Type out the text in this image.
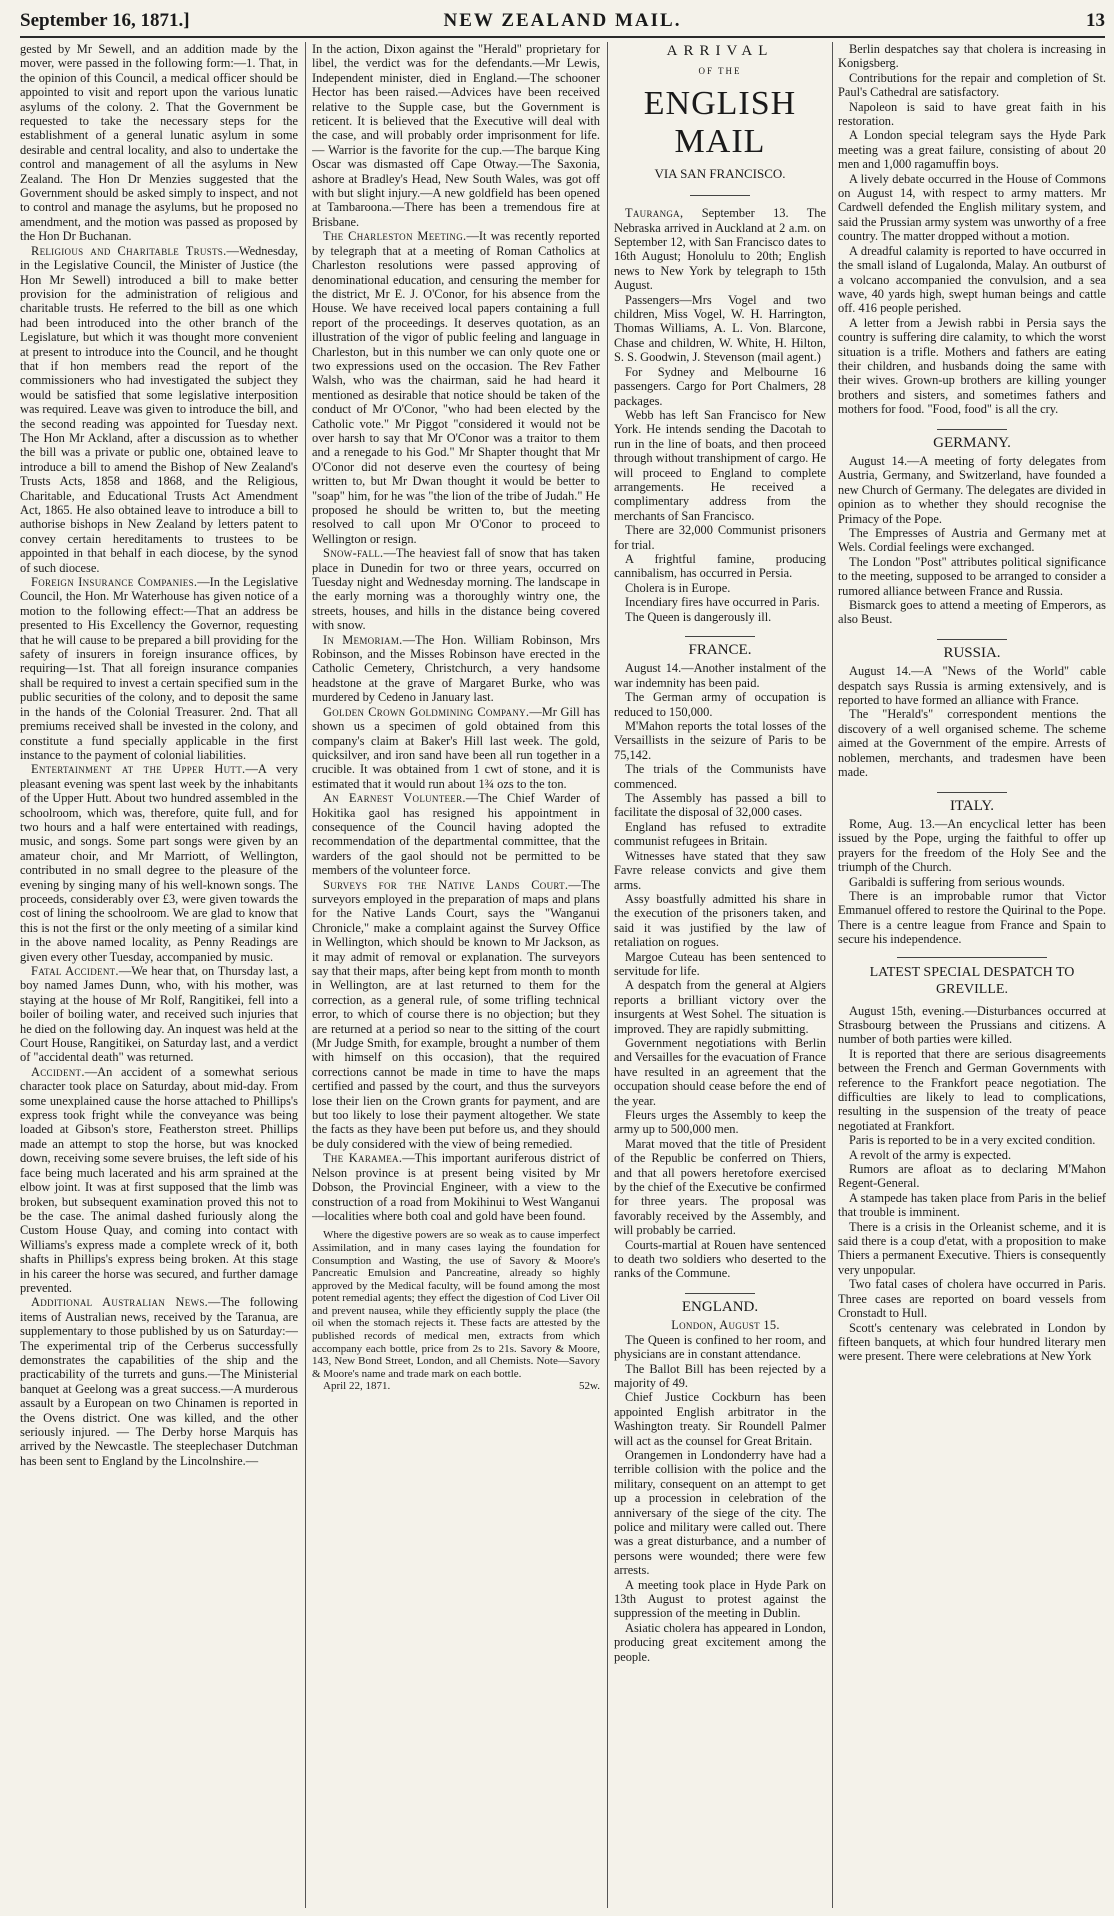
September 16, 1871.]	NEW ZEALAND MAIL.	13

gested by Mr Sewell, and an addition made by the mover, were passed in the following form:—1. That, in the opinion of this Council, a medical officer should be appointed to visit and report upon the various lunatic asylums of the colony. 2. That the Government be requested to take the necessary steps for the establishment of a general lunatic asylum in some desirable and central locality, and also to undertake the control and management of all the asylums in New Zealand. The Hon Dr Menzies suggested that the Government should be asked simply to inspect, and not to control and manage the asylums, but he proposed no amendment, and the motion was passed as proposed by the Hon Dr Buchanan.

Religious and Charitable Trusts.—Wednesday, in the Legislative Council, the Minister of Justice (the Hon Mr Sewell) introduced a bill to make better provision for the administration of religious and charitable trusts. He referred to the bill as one which had been introduced into the other branch of the Legislature, but which it was thought more convenient at present to introduce into the Council, and he thought that if hon members read the report of the commissioners who had investigated the subject they would be satisfied that some legislative interposition was required. Leave was given to introduce the bill, and the second reading was appointed for Tuesday next. The Hon Mr Ackland, after a discussion as to whether the bill was a private or public one, obtained leave to introduce a bill to amend the Bishop of New Zealand's Trusts Acts, 1858 and 1868, and the Religious, Charitable, and Educational Trusts Act Amendment Act, 1865. He also obtained leave to introduce a bill to authorise bishops in New Zealand by letters patent to convey certain hereditaments to trustees to be appointed in that behalf in each diocese, by the synod of such diocese.

Foreign Insurance Companies.—In the Legislative Council, the Hon. Mr Waterhouse has given notice of a motion to the following effect:—That an address be presented to His Excellency the Governor, requesting that he will cause to be prepared a bill providing for the safety of insurers in foreign insurance offices, by requiring—1st. That all foreign insurance companies shall be required to invest a certain specified sum in the public securities of the colony, and to deposit the same in the hands of the Colonial Treasurer. 2nd. That all premiums received shall be invested in the colony, and constitute a fund specially applicable in the first instance to the payment of colonial liabilities.

Entertainment at the Upper Hutt.—A very pleasant evening was spent last week by the inhabitants of the Upper Hutt. About two hundred assembled in the schoolroom, which was, therefore, quite full, and for two hours and a half were entertained with readings, music, and songs. Some part songs were given by an amateur choir, and Mr Marriott, of Wellington, contributed in no small degree to the pleasure of the evening by singing many of his well-known songs. The proceeds, considerably over £3, were given towards the cost of lining the schoolroom. We are glad to know that this is not the first or the only meeting of a similar kind in the above named locality, as Penny Readings are given every other Tuesday, accompanied by music.

Fatal Accident.—We hear that, on Thursday last, a boy named James Dunn, who, with his mother, was staying at the house of Mr Rolf, Rangitikei, fell into a boiler of boiling water, and received such injuries that he died on the following day. An inquest was held at the Court House, Rangitikei, on Saturday last, and a verdict of "accidental death" was returned.

Accident.—An accident of a somewhat serious character took place on Saturday, about mid-day. From some unexplained cause the horse attached to Phillips's express took fright while the conveyance was being loaded at Gibson's store, Featherston street. Phillips made an attempt to stop the horse, but was knocked down, receiving some severe bruises, the left side of his face being much lacerated and his arm sprained at the elbow joint. It was at first supposed that the limb was broken, but subsequent examination proved this not to be the case. The animal dashed furiously along the Custom House Quay, and coming into contact with Williams's express made a complete wreck of it, both shafts in Phillips's express being broken. At this stage in his career the horse was secured, and further damage prevented.

Additional Australian News.—The following items of Australian news, received by the Taranua, are supplementary to those published by us on Saturday:—The experimental trip of the Cerberus successfully demonstrates the capabilities of the ship and the practicability of the turrets and guns.—The Ministerial banquet at Geelong was a great success.—A murderous assault by a European on two Chinamen is reported in the Ovens district. One was killed, and the other seriously injured. — The Derby horse Marquis has arrived by the Newcastle. The steeplechaser Dutchman has been sent to England by the Lincolnshire.—

In the action, Dixon against the "Herald" proprietary for libel, the verdict was for the defendants.—Mr Lewis, Independent minister, died in England.—The schooner Hector has been raised.—Advices have been received relative to the Supple case, but the Government is reticent. It is believed that the Executive will deal with the case, and will probably order imprisonment for life. — Warrior is the favorite for the cup.—The barque King Oscar was dismasted off Cape Otway.—The Saxonia, ashore at Bradley's Head, New South Wales, was got off with but slight injury.—A new goldfield has been opened at Tambaroona.—There has been a tremendous fire at Brisbane.

The Charleston Meeting.—It was recently reported by telegraph that at a meeting of Roman Catholics at Charleston resolutions were passed approving of denominational education, and censuring the member for the district, Mr E. J. O'Conor, for his absence from the House. We have received local papers containing a full report of the proceedings. It deserves quotation, as an illustration of the vigor of public feeling and language in Charleston, but in this number we can only quote one or two expressions used on the occasion. The Rev Father Walsh, who was the chairman, said he had heard it mentioned as desirable that notice should be taken of the conduct of Mr O'Conor, "who had been elected by the Catholic vote." Mr Piggot "considered it would not be over harsh to say that Mr O'Conor was a traitor to them and a renegade to his God." Mr Shapter thought that Mr O'Conor did not deserve even the courtesy of being written to, but Mr Dwan thought it would be better to "soap" him, for he was "the lion of the tribe of Judah." He proposed he should be written to, but the meeting resolved to call upon Mr O'Conor to proceed to Wellington or resign.

Snow-fall.—The heaviest fall of snow that has taken place in Dunedin for two or three years, occurred on Tuesday night and Wednesday morning. The landscape in the early morning was a thoroughly wintry one, the streets, houses, and hills in the distance being covered with snow.

In Memoriam.—The Hon. William Robinson, Mrs Robinson, and the Misses Robinson have erected in the Catholic Cemetery, Christchurch, a very handsome headstone at the grave of Margaret Burke, who was murdered by Cedeno in January last.

Golden Crown Goldmining Company.—Mr Gill has shown us a specimen of gold obtained from this company's claim at Baker's Hill last week. The gold, quicksilver, and iron sand have been all run together in a crucible. It was obtained from 1 cwt of stone, and it is estimated that it would run about 1¾ ozs to the ton.

An Earnest Volunteer.—The Chief Warder of Hokitika gaol has resigned his appointment in consequence of the Council having adopted the recommendation of the departmental committee, that the warders of the gaol should not be permitted to be members of the volunteer force.

Surveys for the Native Lands Court.—The surveyors employed in the preparation of maps and plans for the Native Lands Court, says the "Wanganui Chronicle," make a complaint against the Survey Office in Wellington, which should be known to Mr Jackson, as it may admit of removal or explanation. The surveyors say that their maps, after being kept from month to month in Wellington, are at last returned to them for the correction, as a general rule, of some trifling technical error, to which of course there is no objection; but they are returned at a period so near to the sitting of the court (Mr Judge Smith, for example, brought a number of them with himself on this occasion), that the required corrections cannot be made in time to have the maps certified and passed by the court, and thus the surveyors lose their lien on the Crown grants for payment, and are but too likely to lose their payment altogether. We state the facts as they have been put before us, and they should be duly considered with the view of being remedied.

The Karamea.—This important auriferous district of Nelson province is at present being visited by Mr Dobson, the Provincial Engineer, with a view to the construction of a road from Mokihinui to West Wanganui—localities where both coal and gold have been found.

Where the digestive powers are so weak as to cause imperfect Assimilation, and in many cases laying the foundation for Consumption and Wasting, the use of Savory & Moore's Pancreatic Emulsion and Pancreatine, already so highly approved by the Medical faculty, will be found among the most potent remedial agents; they effect the digestion of Cod Liver Oil and prevent nausea, while they efficiently supply the place (the oil when the stomach rejects it. These facts are attested by the published records of medical men, extracts from which accompany each bottle, price from 2s to 21s. Savory & Moore, 143, New Bond Street, London, and all Chemists. Note—Savory & Moore's name and trade mark on each bottle.

April 22, 1871.	52w.

ARRIVAL
OF THE
ENGLISH MAIL
VIA SAN FRANCISCO.

Tauranga, September 13. The Nebraska arrived in Auckland at 2 a.m. on September 12, with San Francisco dates to 16th August; Honolulu to 20th; English news to New York by telegraph to 15th August.

Passengers—Mrs Vogel and two children, Miss Vogel, W. H. Harrington, Thomas Williams, A. L. Von. Blarcone, Chase and children, W. White, H. Hilton, S. S. Goodwin, J. Stevenson (mail agent.)

For Sydney and Melbourne 16 passengers. Cargo for Port Chalmers, 28 packages.

Webb has left San Francisco for New York. He intends sending the Dacotah to run in the line of boats, and then proceed through without transhipment of cargo. He will proceed to England to complete arrangements. He received a complimentary address from the merchants of San Francisco.

There are 32,000 Communist prisoners for trial.

A frightful famine, producing cannibalism, has occurred in Persia.

Cholera is in Europe.

Incendiary fires have occurred in Paris.

The Queen is dangerously ill.

FRANCE.

August 14.—Another instalment of the war indemnity has been paid.

The German army of occupation is reduced to 150,000.

M'Mahon reports the total losses of the Versaillists in the seizure of Paris to be 75,142.

The trials of the Communists have commenced.

The Assembly has passed a bill to facilitate the disposal of 32,000 cases.

England has refused to extradite communist refugees in Britain.

Witnesses have stated that they saw Favre release convicts and give them arms.

Assy boastfully admitted his share in the execution of the prisoners taken, and said it was justified by the law of retaliation on rogues.

Margoe Cuteau has been sentenced to servitude for life.

A despatch from the general at Algiers reports a brilliant victory over the insurgents at West Sohel. The situation is improved. They are rapidly submitting.

Government negotiations with Berlin and Versailles for the evacuation of France have resulted in an agreement that the occupation should cease before the end of the year.

Fleurs urges the Assembly to keep the army up to 500,000 men.

Marat moved that the title of President of the Republic be conferred on Thiers, and that all powers heretofore exercised by the chief of the Executive be confirmed for three years. The proposal was favorably received by the Assembly, and will probably be carried.

Courts-martial at Rouen have sentenced to death two soldiers who deserted to the ranks of the Commune.

ENGLAND.

London, August 15.

The Queen is confined to her room, and physicians are in constant attendance.

The Ballot Bill has been rejected by a majority of 49.

Chief Justice Cockburn has been appointed English arbitrator in the Washington treaty. Sir Roundell Palmer will act as the counsel for Great Britain.

Orangemen in Londonderry have had a terrible collision with the police and the military, consequent on an attempt to get up a procession in celebration of the anniversary of the siege of the city. The police and military were called out. There was a great disturbance, and a number of persons were wounded; there were few arrests.

A meeting took place in Hyde Park on 13th August to protest against the suppression of the meeting in Dublin.

Asiatic cholera has appeared in London, producing great excitement among the people.

Berlin despatches say that cholera is increasing in Konigsberg.

Contributions for the repair and completion of St. Paul's Cathedral are satisfactory.

Napoleon is said to have great faith in his restoration.

A London special telegram says the Hyde Park meeting was a great failure, consisting of about 20 men and 1,000 ragamuffin boys.

A lively debate occurred in the House of Commons on August 14, with respect to army matters. Mr Cardwell defended the English military system, and said the Prussian army system was unworthy of a free country. The matter dropped without a motion.

A dreadful calamity is reported to have occurred in the small island of Lugalonda, Malay. An outburst of a volcano accompanied the convulsion, and a sea wave, 40 yards high, swept human beings and cattle off. 416 people perished.

A letter from a Jewish rabbi in Persia says the country is suffering dire calamity, to which the worst situation is a trifle. Mothers and fathers are eating their children, and husbands doing the same with their wives. Grown-up brothers are killing younger brothers and sisters, and sometimes fathers and mothers for food. "Food, food" is all the cry.

GERMANY.

August 14.—A meeting of forty delegates from Austria, Germany, and Switzerland, have founded a new Church of Germany. The delegates are divided in opinion as to whether they should recognise the Primacy of the Pope.

The Empresses of Austria and Germany met at Wels. Cordial feelings were exchanged.

The London "Post" attributes political significance to the meeting, supposed to be arranged to consider a rumored alliance between France and Russia.

Bismarck goes to attend a meeting of Emperors, as also Beust.

RUSSIA.

August 14.—A "News of the World" cable despatch says Russia is arming extensively, and is reported to have formed an alliance with France.

The "Herald's" correspondent mentions the discovery of a well organised scheme. The scheme aimed at the Government of the empire. Arrests of noblemen, merchants, and tradesmen have been made.

ITALY.

Rome, Aug. 13.—An encyclical letter has been issued by the Pope, urging the faithful to offer up prayers for the freedom of the Holy See and the triumph of the Church.

Garibaldi is suffering from serious wounds.

There is an improbable rumor that Victor Emmanuel offered to restore the Quirinal to the Pope. There is a centre league from France and Spain to secure his independence.

LATEST SPECIAL DESPATCH TO GREVILLE.

August 15th, evening.—Disturbances occurred at Strasbourg between the Prussians and citizens. A number of both parties were killed.

It is reported that there are serious disagreements between the French and German Governments with reference to the Frankfort peace negotiation. The difficulties are likely to lead to complications, resulting in the suspension of the treaty of peace negotiated at Frankfort.

Paris is reported to be in a very excited condition.

A revolt of the army is expected.

Rumors are afloat as to declaring M'Mahon Regent-General.

A stampede has taken place from Paris in the belief that trouble is imminent.

There is a crisis in the Orleanist scheme, and it is said there is a coup d'etat, with a proposition to make Thiers a permanent Executive. Thiers is consequently very unpopular.

Two fatal cases of cholera have occurred in Paris. Three cases are reported on board vessels from Cronstadt to Hull.

Scott's centenary was celebrated in London by fifteen banquets, at which four hundred literary men were present. There were celebrations at New York
